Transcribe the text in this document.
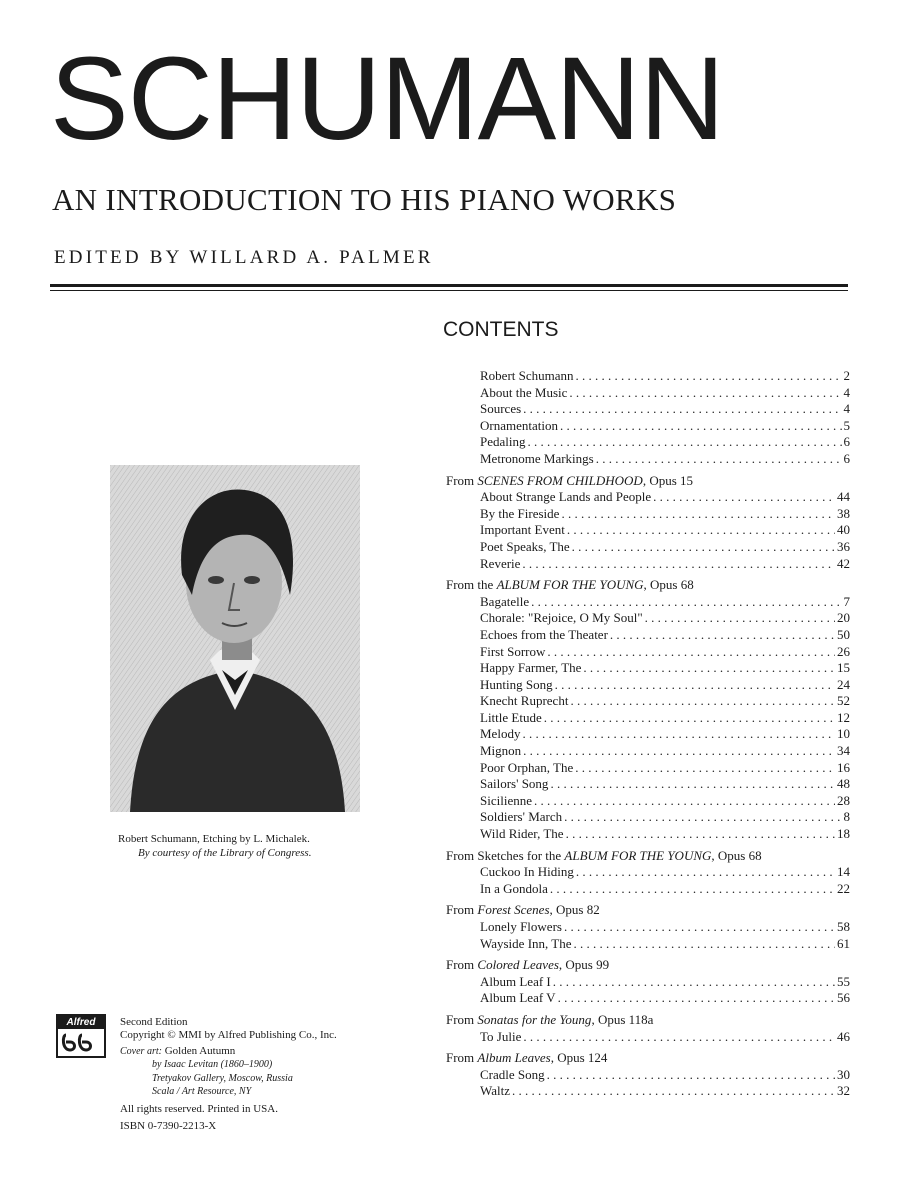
SCHUMANN
AN INTRODUCTION TO HIS PIANO WORKS
EDITED BY WILLARD A. PALMER
CONTENTS
Robert Schumann . . .	2
About the Music . . .	4
Sources . . .	4
Ornamentation . . .	5
Pedaling . . .	6
Metronome Markings . . .	6
From SCENES FROM CHILDHOOD, Opus 15
About Strange Lands and People . . .	44
By the Fireside . . .	38
Important Event . . .	40
Poet Speaks, The . . .	36
Reverie . . .	42
From the ALBUM FOR THE YOUNG, Opus 68
Bagatelle . . .	7
Chorale: "Rejoice, O My Soul" . . .	20
Echoes from the Theater . . .	50
First Sorrow . . .	26
Happy Farmer, The . . .	15
Hunting Song . . .	24
Knecht Ruprecht . . .	52
Little Etude . . .	12
Melody . . .	10
Mignon . . .	34
Poor Orphan, The . . .	16
Sailors' Song . . .	48
Sicilienne . . .	28
Soldiers' March . . .	8
Wild Rider, The . . .	18
From Sketches for the ALBUM FOR THE YOUNG, Opus 68
Cuckoo In Hiding . . .	14
In a Gondola . . .	22
From Forest Scenes, Opus 82
Lonely Flowers . . .	58
Wayside Inn, The . . .	61
From Colored Leaves, Opus 99
Album Leaf I . . .	55
Album Leaf V . . .	56
From Sonatas for the Young, Opus 118a
To Julie . . .	46
From Album Leaves, Opus 124
Cradle Song . . .	30
Waltz . . .	32
Robert Schumann, Etching by L. Michalek.
By courtesy of the Library of Congress.
Alfred	Second Edition
Copyright © MMI by Alfred Publishing Co., Inc.
Cover art: Golden Autumn
by Isaac Levitan (1860–1900)
Tretyakov Gallery, Moscow, Russia
Scala / Art Resource, NY
All rights reserved. Printed in USA.
ISBN 0-7390-2213-X
